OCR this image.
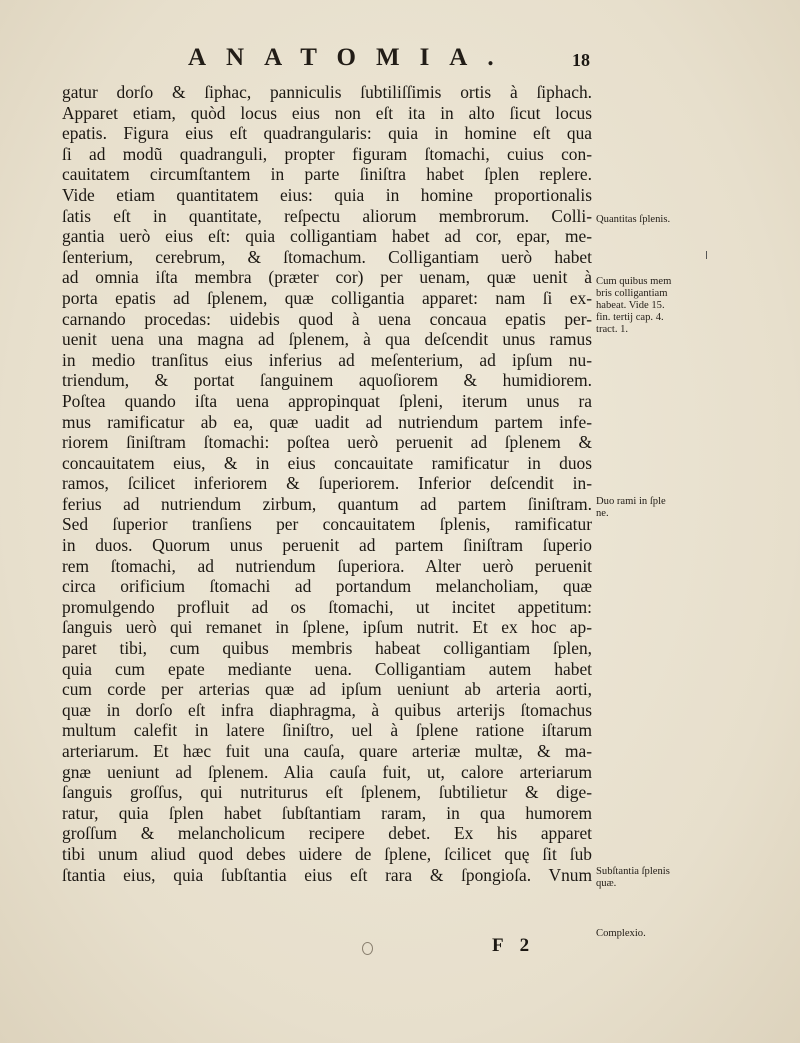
ANATOMIA.	18
gatur dorſo & ſiphac, panniculis ſubtiliſſimis ortis à ſiphach.
Apparet etiam, quòd locus eius non eſt ita in alto ſicut locus
epatis. Figura eius eſt quadrangularis: quia in homine eſt qua
ſi ad modũ quadranguli, propter figuram ſtomachi, cuius con-
cauitatem circumſtantem in parte ſiniſtra habet ſplen replere.
Vide etiam quantitatem eius: quia in homine proportionalis
ſatis eſt in quantitate, reſpectu aliorum membrorum. Colli-
gantia uerò eius eſt: quia colligantiam habet ad cor, epar, me-
ſenterium, cerebrum, & ſtomachum. Colligantiam uerò habet
ad omnia iſta membra (præter cor) per uenam, quæ uenit à
porta epatis ad ſplenem, quæ colligantia apparet: nam ſi ex-
carnando procedas: uidebis quod à uena concaua epatis per-
uenit uena una magna ad ſplenem, à qua deſcendit unus ramus
in medio tranſitus eius inferius ad meſenterium, ad ipſum nu-
triendum, & portat ſanguinem aquoſiorem & humidiorem.
Poſtea quando iſta uena appropinquat ſpleni, iterum unus ra
mus ramificatur ab ea, quæ uadit ad nutriendum partem infe-
riorem ſiniſtram ſtomachi: poſtea uerò peruenit ad ſplenem &
concauitatem eius, & in eius concauitate ramificatur in duos
ramos, ſcilicet inferiorem & ſuperiorem. Inferior deſcendit in-
ferius ad nutriendum zirbum, quantum ad partem ſiniſtram.
Sed ſuperior tranſiens per concauitatem ſplenis, ramificatur
in duos. Quorum unus peruenit ad partem ſiniſtram ſuperio
rem ſtomachi, ad nutriendum ſuperiora. Alter uerò peruenit
circa orificium ſtomachi ad portandum melancholiam, quæ
promulgendo profluit ad os ſtomachi, ut incitet appetitum:
ſanguis uerò qui remanet in ſplene, ipſum nutrit. Et ex hoc ap-
paret tibi, cum quibus membris habeat colligantiam ſplen,
quia cum epate mediante uena. Colligantiam autem habet
cum corde per arterias quæ ad ipſum ueniunt ab arteria aorti,
quæ in dorſo eſt infra diaphragma, à quibus arterijs ſtomachus
multum calefit in latere ſiniſtro, uel à ſplene ratione iſtarum
arteriarum. Et hæc fuit una cauſa, quare arteriæ multæ, & ma-
gnæ ueniunt ad ſplenem. Alia cauſa fuit, ut, calore arteriarum
ſanguis groſſus, qui nutriturus eſt ſplenem, ſubtilietur & dige-
ratur, quia ſplen habet ſubſtantiam raram, in qua humorem
groſſum & melancholicum recipere debet. Ex his apparet
tibi unum aliud quod debes uidere de ſplene, ſcilicet quę ſit ſub
ſtantia eius, quia ſubſtantia eius eſt rara & ſpongioſa. Vnum
Quantitas ſplenis.
Cum quibus mem
bris colligantiam
habeat. Vide 15.
fin. tertij cap. 4.
tract. 1.
Duo rami in ſple
ne.
Subſtantia ſplenis
quæ.
Complexio.
F 2
